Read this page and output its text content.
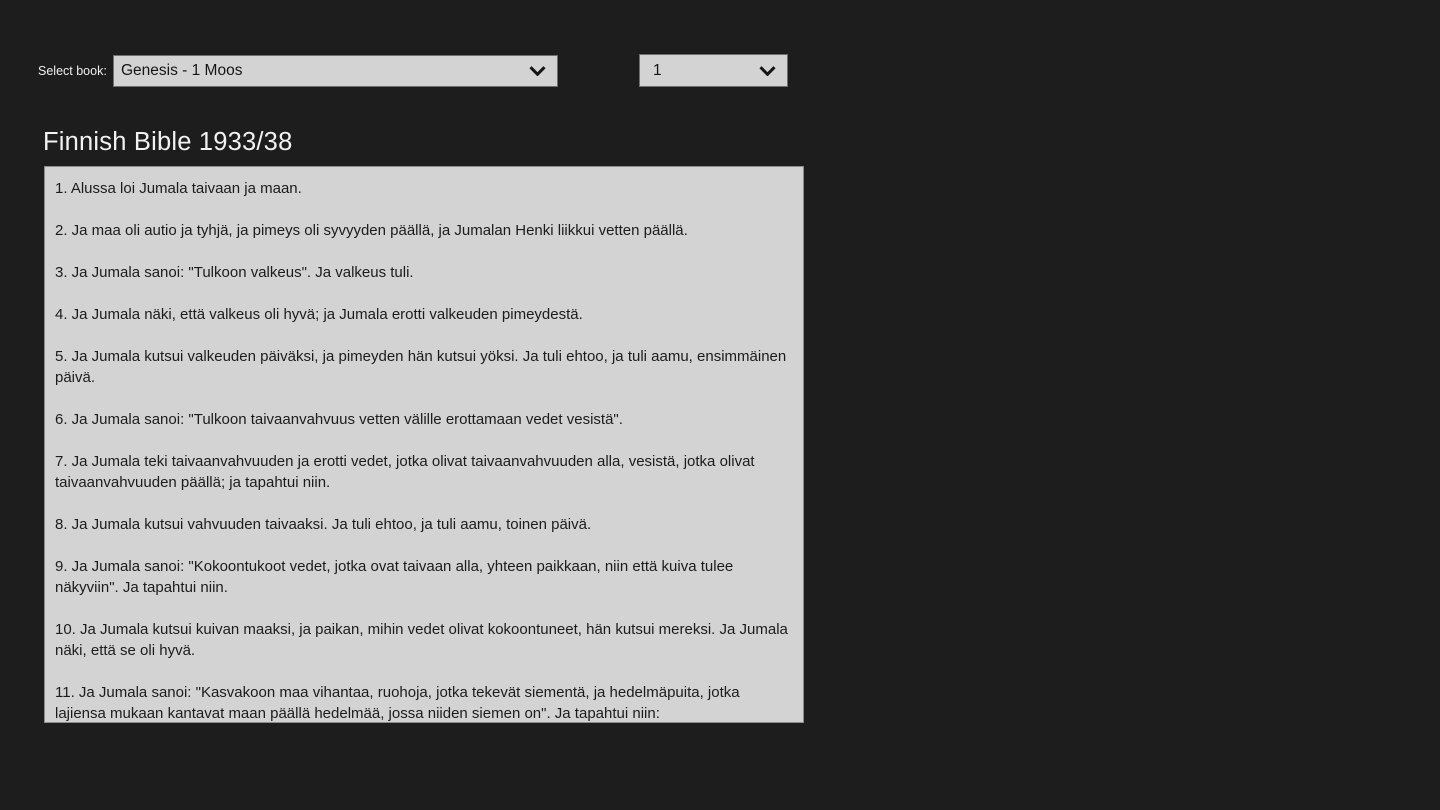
Select book: Genesis - 1 Moos	1
Finnish Bible 1933/38

1. Alussa loi Jumala taivaan ja maan.

2. Ja maa oli autio ja tyhjä, ja pimeys oli syvyyden päällä, ja Jumalan Henki liikkui vetten päällä.

3. Ja Jumala sanoi: "Tulkoon valkeus". Ja valkeus tuli.

4. Ja Jumala näki, että valkeus oli hyvä; ja Jumala erotti valkeuden pimeydestä.

5. Ja Jumala kutsui valkeuden päiväksi, ja pimeyden hän kutsui yöksi. Ja tuli ehtoo, ja tuli aamu, ensimmäinen päivä.

6. Ja Jumala sanoi: "Tulkoon taivaanvahvuus vetten välille erottamaan vedet vesistä".

7. Ja Jumala teki taivaanvahvuuden ja erotti vedet, jotka olivat taivaanvahvuuden alla, vesistä, jotka olivat taivaanvahvuuden päällä; ja tapahtui niin.

8. Ja Jumala kutsui vahvuuden taivaaksi. Ja tuli ehtoo, ja tuli aamu, toinen päivä.

9. Ja Jumala sanoi: "Kokoontukoot vedet, jotka ovat taivaan alla, yhteen paikkaan, niin että kuiva tulee näkyviin". Ja tapahtui niin.

10. Ja Jumala kutsui kuivan maaksi, ja paikan, mihin vedet olivat kokoontuneet, hän kutsui mereksi. Ja Jumala näki, että se oli hyvä.

11. Ja Jumala sanoi: "Kasvakoon maa vihantaa, ruohoja, jotka tekevät siementä, ja hedelmäpuita, jotka lajiensa mukaan kantavat maan päällä hedelmää, jossa niiden siemen on". Ja tapahtui niin:
